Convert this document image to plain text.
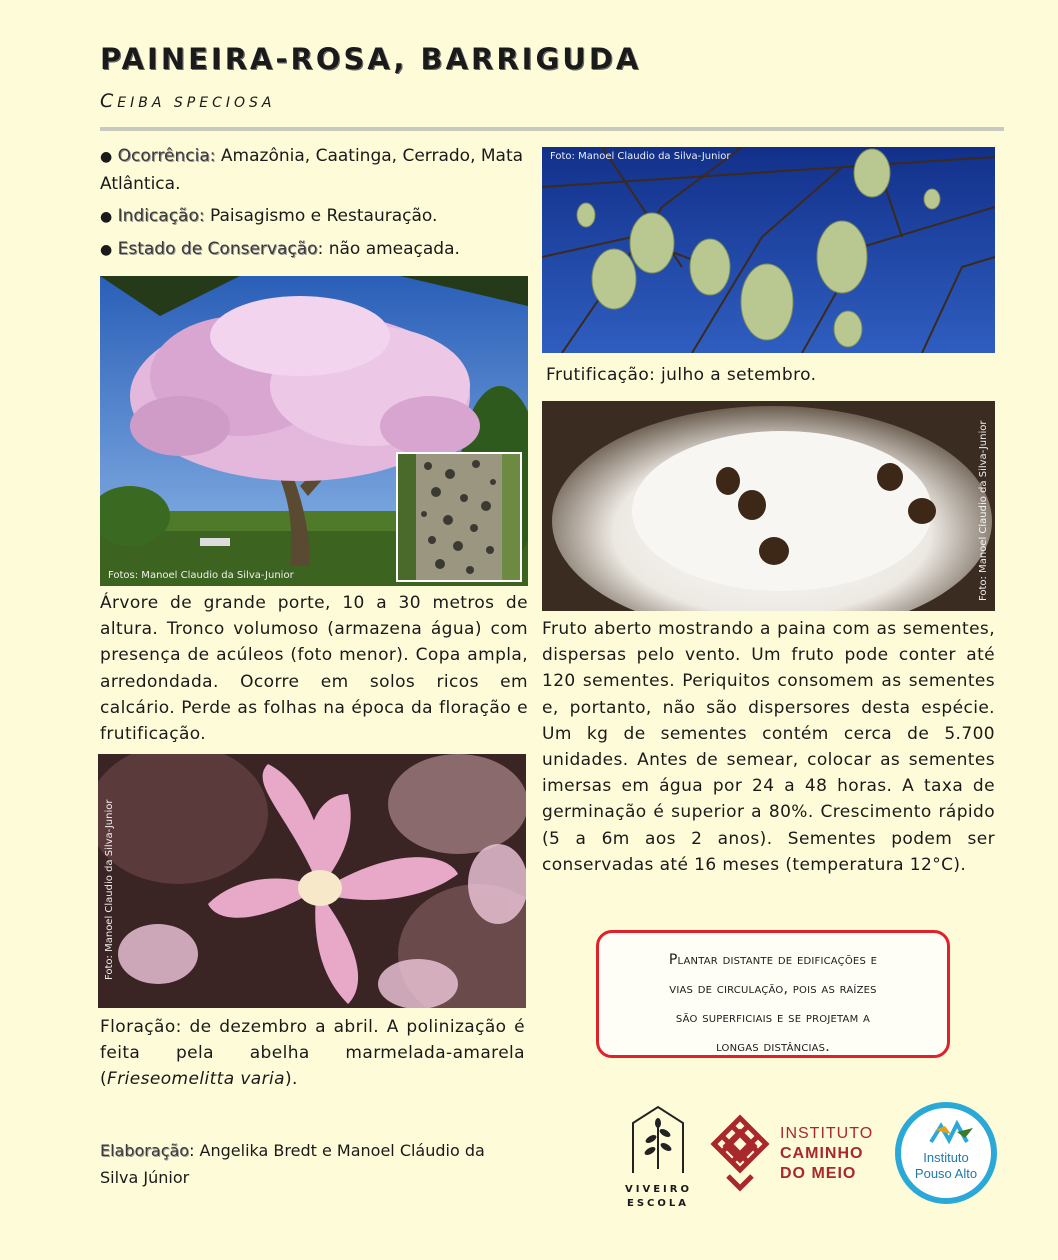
PAINEIRA-ROSA, BARRIGUDA
CEIBA SPECIOSA
● Ocorrência: Amazônia, Caatinga, Cerrado, Mata Atlântica.
● Indicação: Paisagismo e Restauração.
● Estado de Conservação: não ameaçada.
Fotos: Manoel Claudio da Silva-Junior
Árvore de grande porte, 10 a 30 metros de altura. Tronco volumoso (armazena água) com presença de acúleos (foto menor). Copa ampla, arredondada. Ocorre em solos ricos em calcário. Perde as folhas na época da floração e frutificação.
Foto: Manoel Claudio da Silva-Junior
Frutificação: julho a setembro.
Foto: Manoel Claudio da Silva-Junior
Fruto aberto mostrando a paina com as sementes, dispersas pelo vento. Um fruto pode conter até 120 sementes. Periquitos consomem as sementes e, portanto, não são dispersores desta espécie. Um kg de sementes contém cerca de 5.700 unidades. Antes de semear, colocar as sementes imersas em água por 24 a 48 horas. A taxa de germinação é superior a 80%. Crescimento rápido (5 a 6m aos 2 anos). Sementes podem ser conservadas até 16 meses (temperatura 12°C).
Foto: Manoel Claudio da Silva-Junior
Floração: de dezembro a abril. A polinização é feita pela abelha marmelada-amarela (Frieseomelitta varia).
Plantar distante de edificações e
vias de circulação, pois as raízes
são superficiais e se projetam a
longas distâncias.
Elaboração: Angelika Bredt e Manoel Cláudio da Silva Júnior
VIVEIRO
ESCOLA
INSTITUTO
CAMINHO
DO MEIO
Instituto
Pouso Alto
